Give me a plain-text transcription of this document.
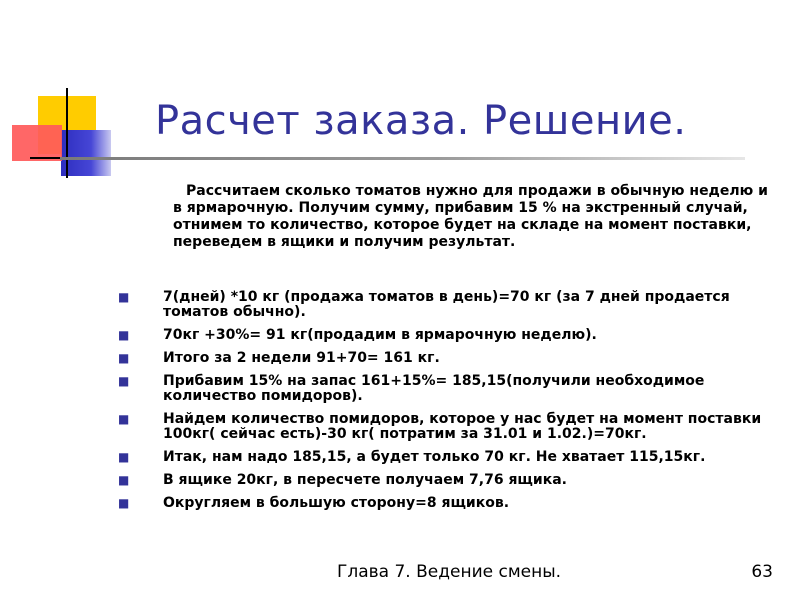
Расчет заказа. Решение.
Рассчитаем сколько томатов нужно для продажи в обычную неделю и в ярмарочную. Получим сумму, прибавим 15 % на экстренный случай, отнимем то количество, которое будет на складе на момент поставки, переведем в ящики и получим результат.
■ 7(дней) *10 кг (продажа томатов в день)=70 кг (за 7 дней продается томатов обычно).
■ 70кг +30%= 91 кг(продадим в ярмарочную неделю).
■ Итого за 2 недели 91+70= 161 кг.
■ Прибавим 15% на запас 161+15%= 185,15(получили необходимое количество помидоров).
■ Найдем количество помидоров, которое у нас будет на момент поставки 100кг( сейчас есть)-30 кг( потратим за 31.01 и 1.02.)=70кг.
■ Итак, нам надо 185,15, а будет только 70 кг. Не хватает 115,15кг.
■ В ящике 20кг, в пересчете получаем 7,76 ящика.
■ Округляем в большую сторону=8 ящиков.
Глава 7. Ведение смены.	63
